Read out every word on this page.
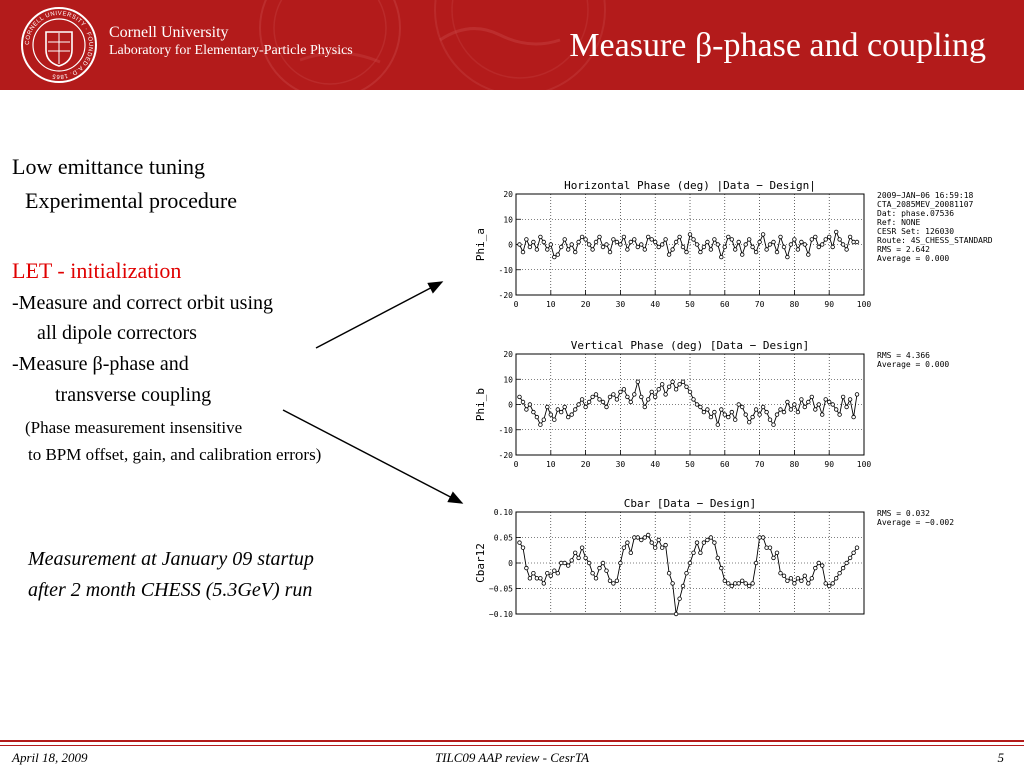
CORNELL UNIVERSITY · FOUNDED A.D. 1865
Cornell University
Laboratory for Elementary-Particle Physics	Measure β-phase and coupling
Low emittance tuning
Experimental procedure
LET - initialization
-Measure and correct orbit using
all dipole correctors
-Measure β-phase and
transverse coupling
(Phase measurement insensitive
to BPM offset, gain, and calibration errors)
Measurement at January 09 startup
after 2 month CHESS (5.3GeV) run
Horizontal Phase (deg) |Data − Design|
-20
-10
0
10
20
0	10	20	30	40	50	60	70	80	90	100
Phi_a
2009−JAN−06 16:59:18
CTA_2085MEV_20081107
Dat: phase.07536
Ref: NONE
CESR Set: 126030
Route: 4S_CHESS_STANDARD
RMS = 2.642
Average = 0.000
Vertical Phase (deg) [Data − Design]
-20
-10
0
10
20
0	10	20	30	40	50	60	70	80	90	100
Phi_b
RMS = 4.366
Average = 0.000
Cbar [Data − Design]
−0.10
−0.05
0
0.05
0.10
Cbar12
RMS = 0.032
Average = −0.002
April 18, 2009	TILC09 AAP review - CesrTA	5
